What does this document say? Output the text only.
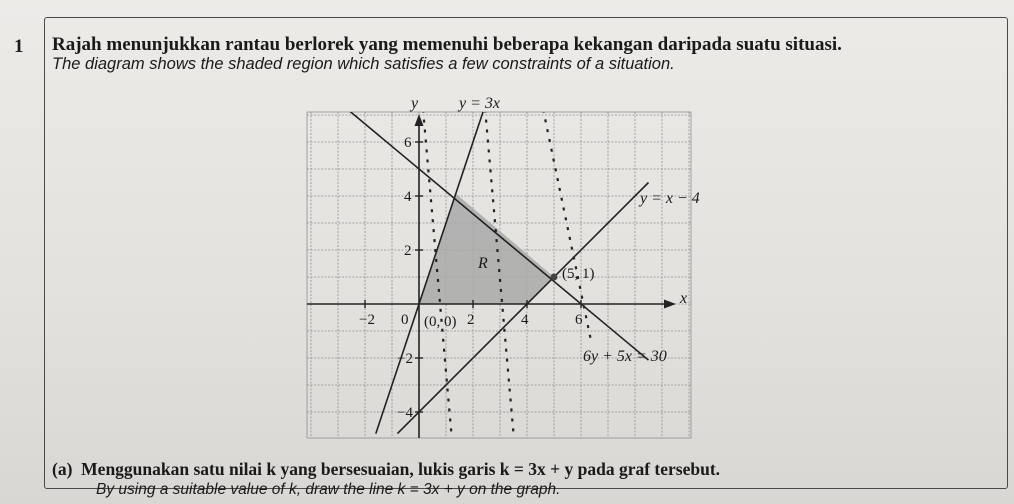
1 Rajah menunjukkan rantau berlorek yang memenuhi beberapa kekangan daripada suatu situasi.
The diagram shows the shaded region which satisfies a few constraints of a situation.
−2 0	2	4	6
6
4
2
−2
−4
y
x
y = 3x
y = x − 4
6y + 5x = 30
R
(0, 0)
(5, 1)
(a) Menggunakan satu nilai k yang bersesuaian, lukis garis k = 3x + y pada graf tersebut.
By using a suitable value of k, draw the line k = 3x + y on the graph.
